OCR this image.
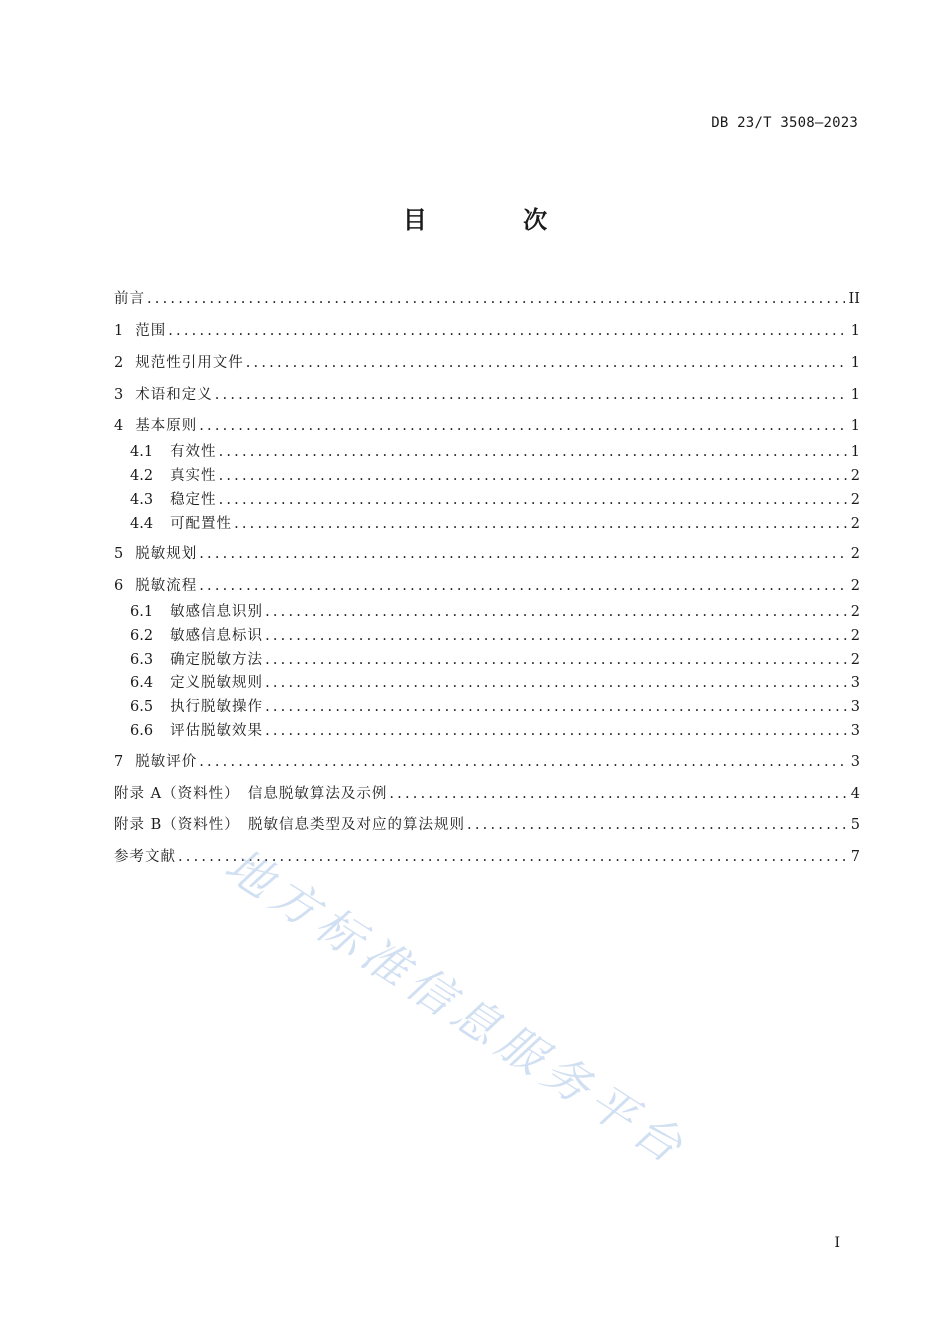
DB 23/T 3508—2023
目 次
前言 .....	II
1 范围 .....	1
2 规范性引用文件 .....	1
3 术语和定义 .....	1
4 基本原则 .....	1
4.1 有效性 .....	1
4.2 真实性 .....	2
4.3 稳定性 .....	2
4.4 可配置性 .....	2
5 脱敏规划 .....	2
6 脱敏流程 .....	2
6.1 敏感信息识别 .....	2
6.2 敏感信息标识 .....	2
6.3 确定脱敏方法 .....	2
6.4 定义脱敏规则 .....	3
6.5 执行脱敏操作 .....	3
6.6 评估脱敏效果 .....	3
7 脱敏评价 .....	3
附录 A（资料性）　信息脱敏算法及示例 .....	4
附录 B（资料性）　脱敏信息类型及对应的算法规则 .....	5
参考文献 .....	7
地方标准信息服务平台
I
